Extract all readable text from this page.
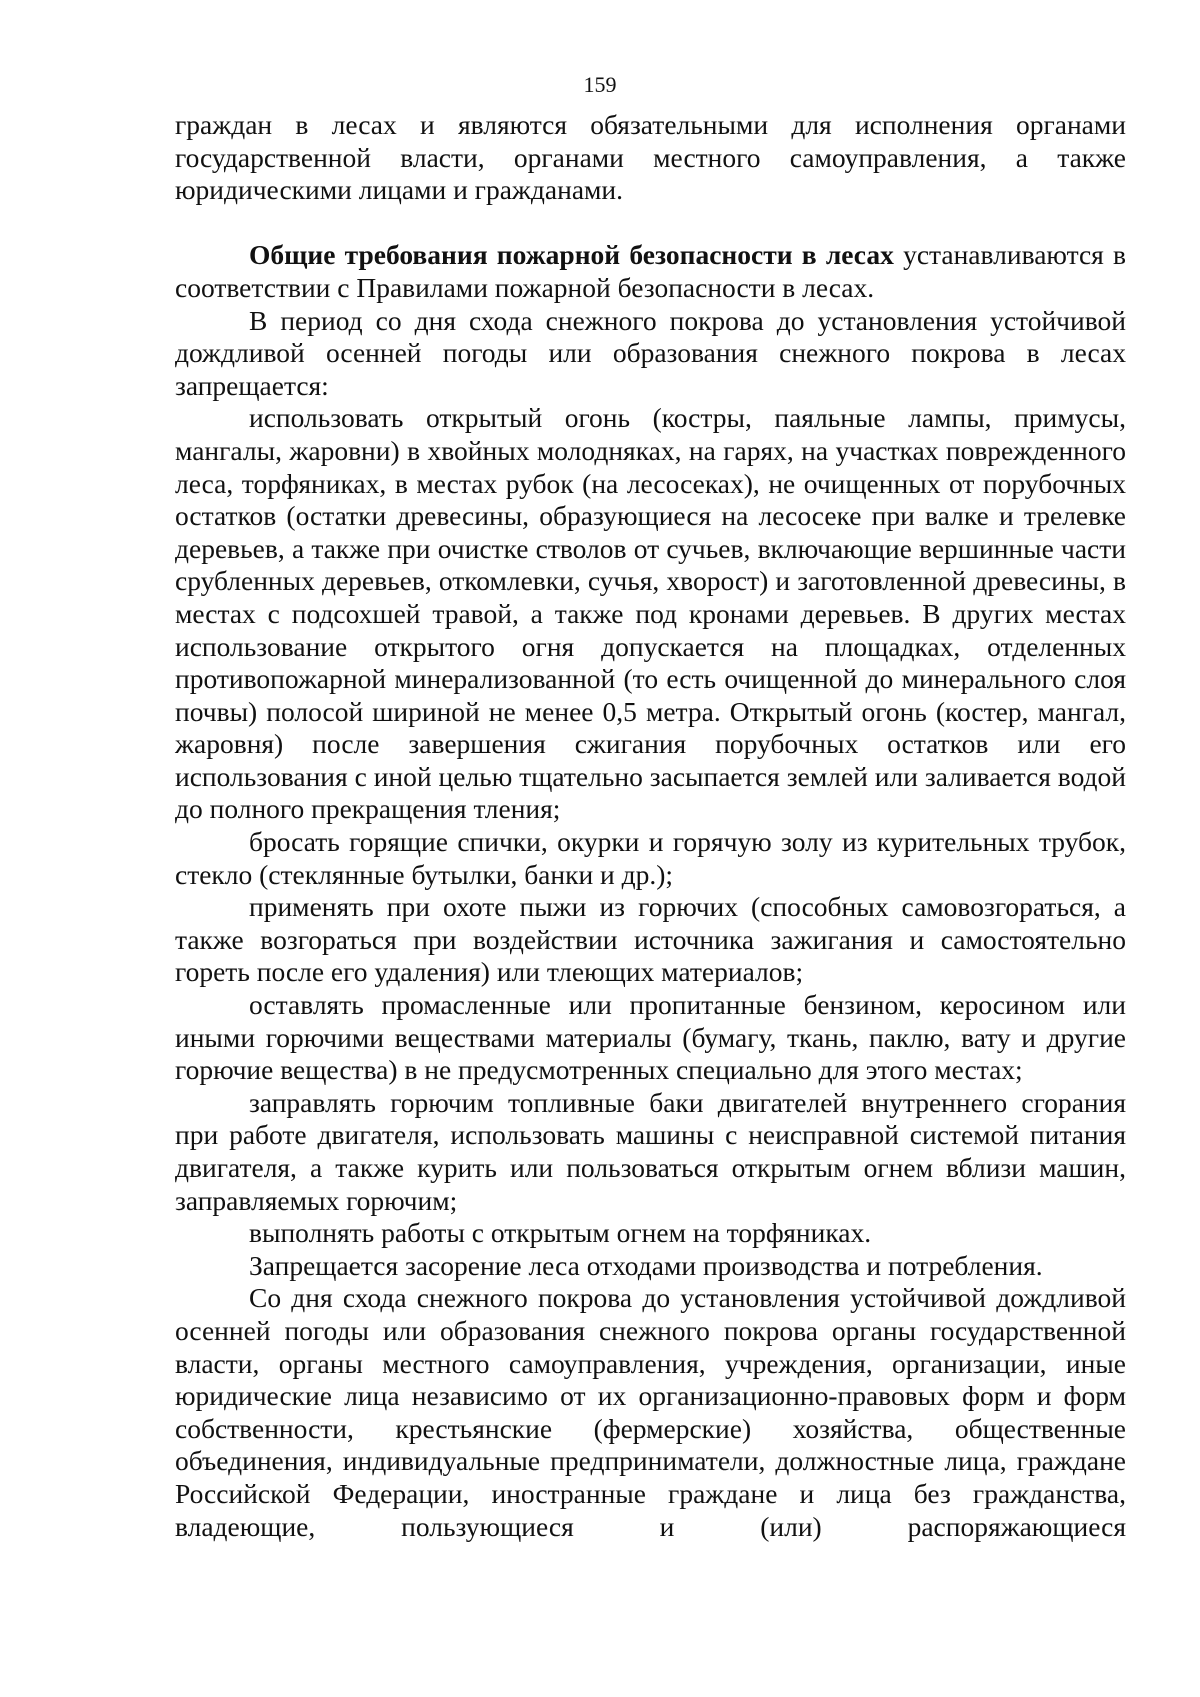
159

граждан в лесах и являются обязательными для исполнения органами государственной власти, органами местного самоуправления, а также юридическими лицами и гражданами.

Общие требования пожарной безопасности в лесах устанавливаются в соответствии с Правилами пожарной безопасности в лесах.

В период со дня схода снежного покрова до установления устойчивой дождливой осенней погоды или образования снежного покрова в лесах запрещается:

использовать открытый огонь (костры, паяльные лампы, примусы, мангалы, жаровни) в хвойных молодняках, на гарях, на участках поврежденного леса, торфяниках, в местах рубок (на лесосеках), не очищенных от порубочных остатков (остатки древесины, образующиеся на лесосеке при валке и трелевке деревьев, а также при очистке стволов от сучьев, включающие вершинные части срубленных деревьев, откомлевки, сучья, хворост) и заготовленной древесины, в местах с подсохшей травой, а также под кронами деревьев. В других местах использование открытого огня допускается на площадках, отделенных противопожарной минерализованной (то есть очищенной до минерального слоя почвы) полосой шириной не менее 0,5 метра. Открытый огонь (костер, мангал, жаровня) после завершения сжигания порубочных остатков или его использования с иной целью тщательно засыпается землей или заливается водой до полного прекращения тления;

бросать горящие спички, окурки и горячую золу из курительных трубок, стекло (стеклянные бутылки, банки и др.);

применять при охоте пыжи из горючих (способных самовозгораться, а также возгораться при воздействии источника зажигания и самостоятельно гореть после его удаления) или тлеющих материалов;

оставлять промасленные или пропитанные бензином, керосином или иными горючими веществами материалы (бумагу, ткань, паклю, вату и другие горючие вещества) в не предусмотренных специально для этого местах;

заправлять горючим топливные баки двигателей внутреннего сгорания при работе двигателя, использовать машины с неисправной системой питания двигателя, а также курить или пользоваться открытым огнем вблизи машин, заправляемых горючим;

выполнять работы с открытым огнем на торфяниках.

Запрещается засорение леса отходами производства и потребления.

Со дня схода снежного покрова до установления устойчивой дождливой осенней погоды или образования снежного покрова органы государственной власти, органы местного самоуправления, учреждения, организации, иные юридические лица независимо от их организационно-правовых форм и форм собственности, крестьянские (фермерские) хозяйства, общественные объединения, индивидуальные предприниматели, должностные лица, граждане Российской Федерации, иностранные граждане и лица без гражданства, владеющие, пользующиеся и (или) распоряжающиеся
